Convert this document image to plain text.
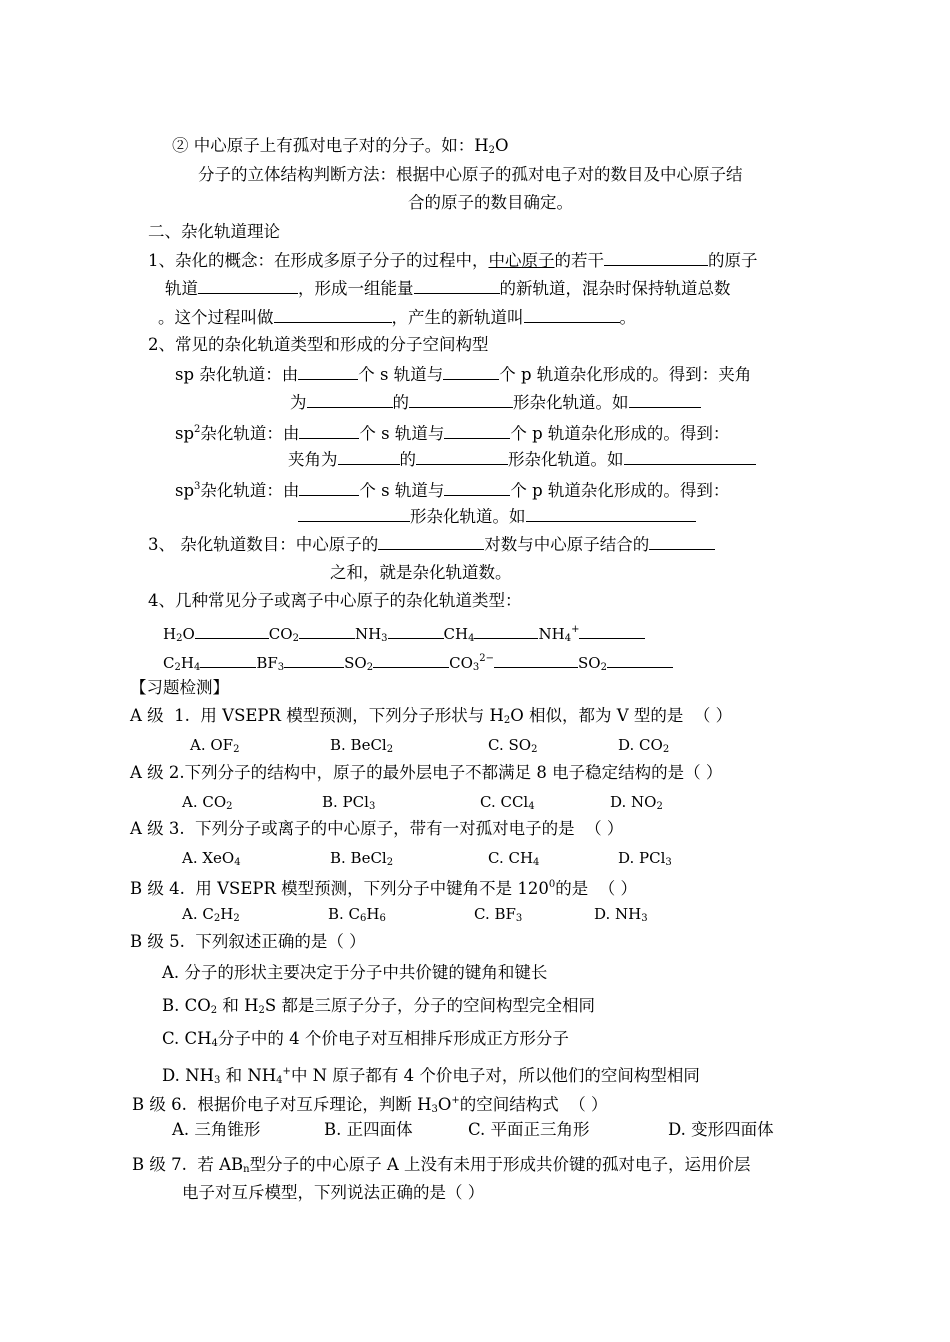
② 中心原子上有孤对电子对的分子。如：$H_2O$
分子的立体结构判断方法：根据中心原子的孤对电子对的数目及中心原子结
合的原子的数目确定。
二、杂化轨道理论
1、杂化的概念：在形成多原子分子的过程中，中心原子的若干	的原子
轨道	，形成一组能量	的新轨道，混杂时保持轨道总数
。这个过程叫做	，产生的新轨道叫	。
2、常见的杂化轨道类型和形成的分子空间构型
sp 杂化轨道：由	个 s 轨道与	个 p 轨道杂化形成的。得到：夹角
为	的	形杂化轨道。如
$sp^2$杂化轨道：由	个 s 轨道与	个 p 轨道杂化形成的。得到：
夹角为	的	形杂化轨道。如
$sp^3$杂化轨道：由	个 s 轨道与	个 p 轨道杂化形成的。得到：
形杂化轨道。如
3、 杂化轨道数目：中心原子的	对数与中心原子结合的
之和，就是杂化轨道数。
4、几种常见分子或离子中心原子的杂化轨道类型：
$H_2O$	$CO_2$	$NH_3$	$CH_4$	$NH_4^+$
$C_2H_4$	$BF_3$	$SO_2$	$CO_3^{2-}$	$SO_2$
【习题检测】
A 级 1. 用 VSEPR 模型预测，下列分子形状与 $H_2O$ 相似，都为 V 型的是 （ ）
A. $OF_2$	B. BeCl$_2$	C. $SO_2$	D. $CO_2$
A 级 2.下列分子的结构中，原子的最外层电子不都满足 8 电子稳定结构的是（ ）
A. $CO_2$	B. PCl$_3$	C. CCl$_4$	D. $NO_2$
A 级 3. 下列分子或离子的中心原子，带有一对孤对电子的是 （ ）
A. XeO$_4$	B. BeCl$_2$	C. $CH_4$	D. PCl$_3$
B 级 4. 用 VSEPR 模型预测，下列分子中键角不是 $120^0$的是 （ ）
A. $C_2H_2$	B. $C_6H_6$	C. $BF_3$	D. $NH_3$
B 级 5. 下列叙述正确的是（ ）
A. 分子的形状主要决定于分子中共价键的键角和键长
B. $CO_2$ 和 $H_2S$ 都是三原子分子，分子的空间构型完全相同
C. $CH_4$分子中的 4 个价电子对互相排斥形成正方形分子
D. $NH_3$ 和 $NH_4^+$中 N 原子都有 4 个价电子对，所以他们的空间构型相同
B 级 6. 根据价电子对互斥理论，判断 $H_3O^+$的空间结构式 （ ）
A. 三角锥形	B. 正四面体	C. 平面正三角形	D. 变形四面体
B 级 7. 若 $AB_n$型分子的中心原子 A 上没有未用于形成共价键的孤对电子，运用价层
电子对互斥模型，下列说法正确的是（ ）
